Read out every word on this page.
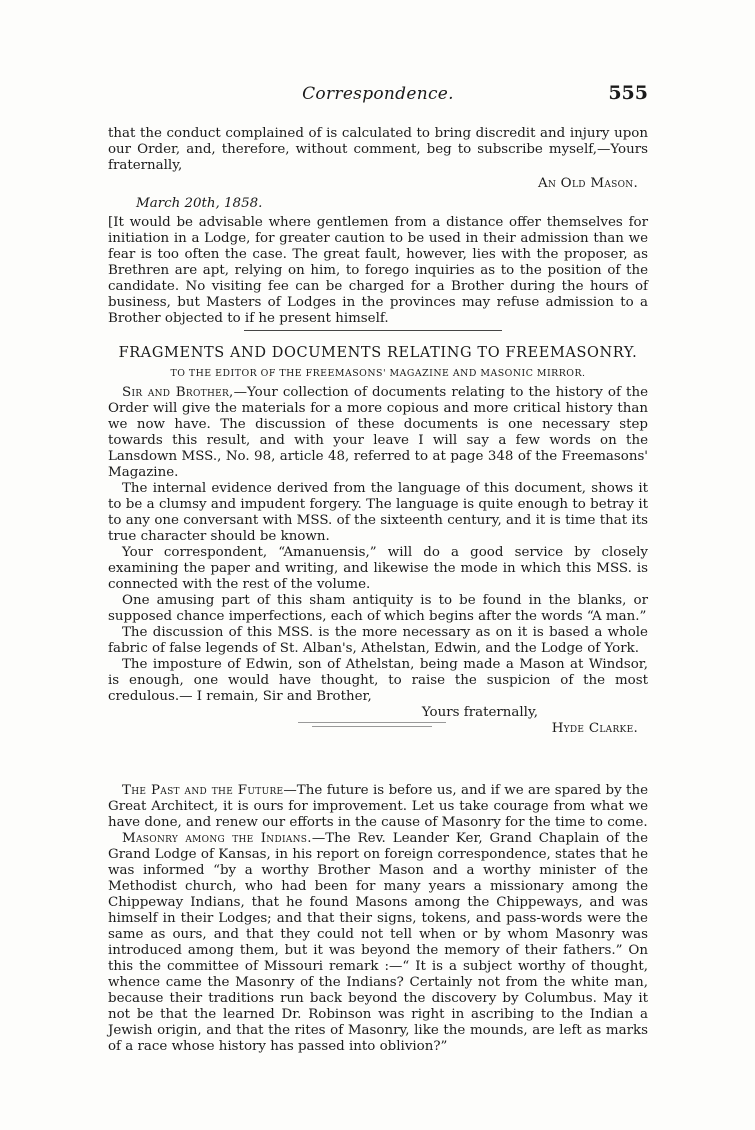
Correspondence.	555

that the conduct complained of is calculated to bring discredit and injury upon our Order, and, therefore, without comment, beg to subscribe myself,—Yours fraternally,

An Old Mason.
March 20th, 1858.

[It would be advisable where gentlemen from a distance offer themselves for initiation in a Lodge, for greater caution to be used in their admission than we fear is too often the case. The great fault, however, lies with the proposer, as Brethren are apt, relying on him, to forego inquiries as to the position of the candidate. No visiting fee can be charged for a Brother during the hours of business, but Masters of Lodges in the provinces may refuse admission to a Brother objected to if he present himself.

FRAGMENTS AND DOCUMENTS RELATING TO FREEMASONRY.
TO THE EDITOR OF THE FREEMASONS' MAGAZINE AND MASONIC MIRROR.

Sir and Brother,—Your collection of documents relating to the history of the Order will give the materials for a more copious and more critical history than we now have. The discussion of these documents is one necessary step towards this result, and with your leave I will say a few words on the Lansdown MSS., No. 98, article 48, referred to at page 348 of the Freemasons' Magazine.

The internal evidence derived from the language of this document, shows it to be a clumsy and impudent forgery. The language is quite enough to betray it to any one conversant with MSS. of the sixteenth century, and it is time that its true character should be known.

Your correspondent, “Amanuensis,” will do a good service by closely examining the paper and writing, and likewise the mode in which this MSS. is connected with the rest of the volume.

One amusing part of this sham antiquity is to be found in the blanks, or supposed chance imperfections, each of which begins after the words “A man.”

The discussion of this MSS. is the more necessary as on it is based a whole fabric of false legends of St. Alban's, Athelstan, Edwin, and the Lodge of York.

The imposture of Edwin, son of Athelstan, being made a Mason at Windsor, is enough, one would have thought, to raise the suspicion of the most credulous.— I remain, Sir and Brother,

Yours fraternally,
Hyde Clarke.

The Past and the Future—The future is before us, and if we are spared by the Great Architect, it is ours for improvement. Let us take courage from what we have done, and renew our efforts in the cause of Masonry for the time to come.

Masonry among the Indians.—The Rev. Leander Ker, Grand Chaplain of the Grand Lodge of Kansas, in his report on foreign correspondence, states that he was informed “by a worthy Brother Mason and a worthy minister of the Methodist church, who had been for many years a missionary among the Chippeway Indians, that he found Masons among the Chippeways, and was himself in their Lodges; and that their signs, tokens, and pass-words were the same as ours, and that they could not tell when or by whom Masonry was introduced among them, but it was beyond the memory of their fathers.” On this the committee of Missouri remark :—“ It is a subject worthy of thought, whence came the Masonry of the Indians? Certainly not from the white man, because their traditions run back beyond the discovery by Columbus. May it not be that the learned Dr. Robinson was right in ascribing to the Indian a Jewish origin, and that the rites of Masonry, like the mounds, are left as marks of a race whose history has passed into oblivion?”
